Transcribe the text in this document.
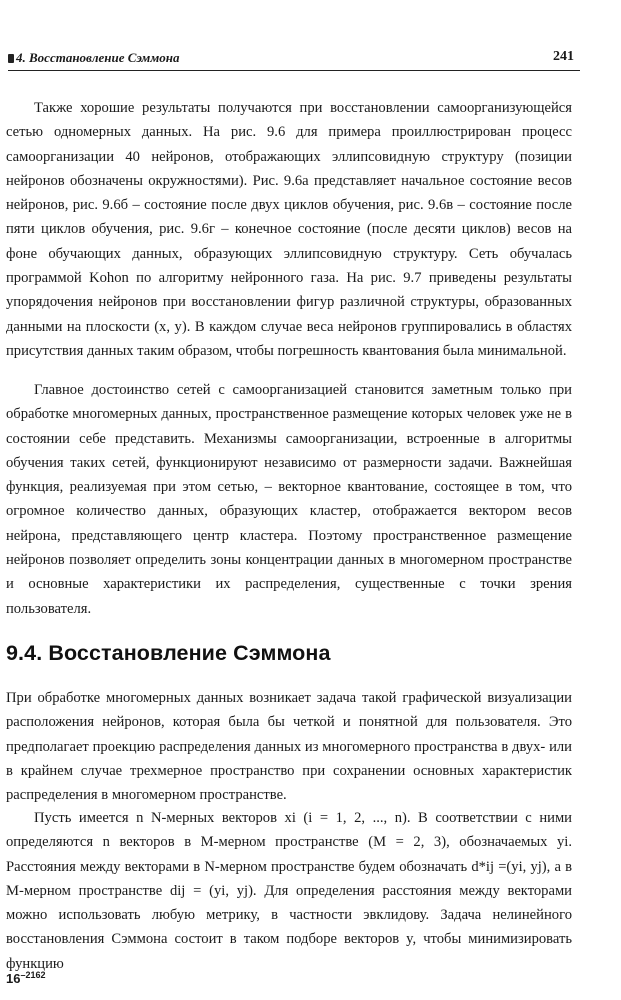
4. Восстановление Сэммона	241

Также хорошие результаты получаются при восстановлении самоорганизующейся сетью одномерных данных. На рис. 9.6 для примера проиллюстрирован процесс самоорганизации 40 нейронов, отображающих эллипсовидную структуру (позиции нейронов обозначены окружностями). Рис. 9.6а представляет начальное состояние весов нейронов, рис. 9.6б – состояние после двух циклов обучения, рис. 9.6в – состояние после пяти циклов обучения, рис. 9.6г – конечное состояние (после десяти циклов) весов на фоне обучающих данных, образующих эллипсовидную структуру. Сеть обучалась программой Kohon по алгоритму нейронного газа. На рис. 9.7 приведены результаты упорядочения нейронов при восстановлении фигур различной структуры, образованных данными на плоскости (x, y). В каждом случае веса нейронов группировались в областях присутствия данных таким образом, чтобы погрешность квантования была минимальной.

Главное достоинство сетей с самоорганизацией становится заметным только при обработке многомерных данных, пространственное размещение которых человек уже не в состоянии себе представить. Механизмы самоорганизации, встроенные в алгоритмы обучения таких сетей, функционируют независимо от размерности задачи. Важнейшая функция, реализуемая при этом сетью, – векторное квантование, состоящее в том, что огромное количество данных, образующих кластер, отображается вектором весов нейрона, представляющего центр кластера. Поэтому пространственное размещение нейронов позволяет определить зоны концентрации данных в многомерном пространстве и основные характеристики их распределения, существенные с точки зрения пользователя.

9.4. Восстановление Сэммона

При обработке многомерных данных возникает задача такой графической визуализации расположения нейронов, которая была бы четкой и понятной для пользователя. Это предполагает проекцию распределения данных из многомерного пространства в двух- или в крайнем случае трехмерное пространство при сохранении основных характеристик распределения в многомерном пространстве.

Пусть имеется n N-мерных векторов xi (i = 1, 2, ..., n). В соответствии с ними определяются n векторов в M-мерном пространстве (M = 2, 3), обозначаемых yi. Расстояния между векторами в N-мерном пространстве будем обозначать d*ij =(yi, yj), а в M-мерном пространстве dij = (yi, yj). Для определения расстояния между векторами можно использовать любую метрику, в частности эвклидову. Задача нелинейного восстановления Сэммона состоит в таком подборе векторов y, чтобы минимизировать функцию

$16^{-2162}$
